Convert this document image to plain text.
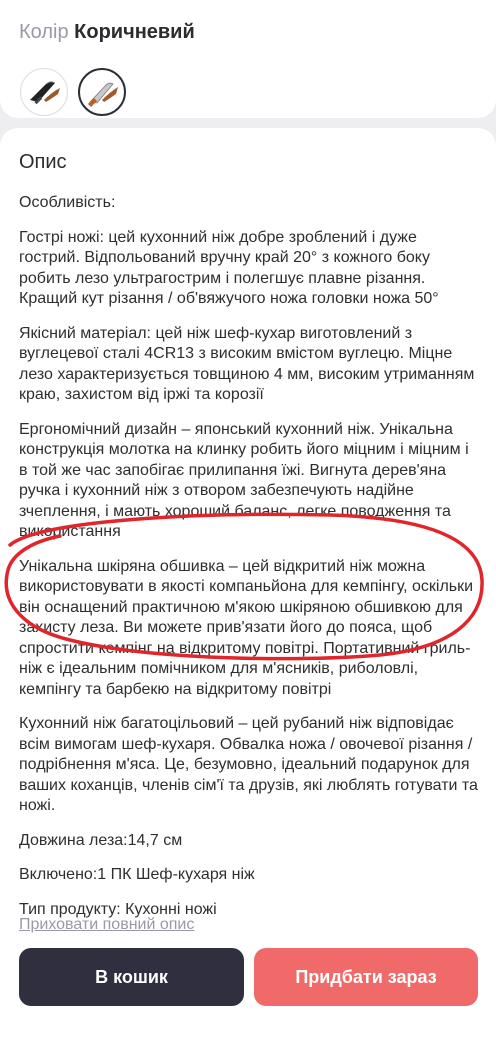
Колір Коричневий
Опис

Особливість:

Гострі ножі: цей кухонний ніж добре зроблений і дуже гострий. Відпольований вручну край 20° з кожного боку робить лезо ультрагострим і полегшує плавне різання. Кращий кут різання / об'вяжучого ножа головки ножа 50°

Якісний матеріал: цей ніж шеф-кухар виготовлений з вуглецевої сталі 4CR13 з високим вмістом вуглецю. Міцне лезо характеризується товщиною 4 мм, високим утриманням краю, захистом від іржі та корозії

Ергономічний дизайн – японський кухонний ніж. Унікальна конструкція молотка на клинку робить його міцним і міцним і в той же час запобігає прилипання їжі. Вигнута дерев'яна ручка і кухонний ніж з отвором забезпечують надійне зчеплення, і мають хороший баланс, легке поводження та використання

Унікальна шкіряна обшивка – цей відкритий ніж можна використовувати в якості компаньйона для кемпінгу, оскільки він оснащений практичною м'якою шкіряною обшивкою для захисту леза. Ви можете прив'язати його до пояса, щоб спростити кемпінг на відкритому повітрі. Портативний гриль-ніж є ідеальним помічником для м'ясників, риболовлі, кемпінгу та барбекю на відкритому повітрі

Кухонний ніж багатоцільовий – цей рубаний ніж відповідає всім вимогам шеф-кухаря. Обвалка ножа / овочевої різання / подрібнення м'яса. Це, безумовно, ідеальний подарунок для ваших коханців, членів сім'ї та друзів, які люблять готувати та ножі.

Довжина леза:14,7 см

Включено:1 ПК Шеф-кухаря ніж

Тип продукту: Кухонні ножі

Приховати повний опис
В кошик	Придбати зараз
